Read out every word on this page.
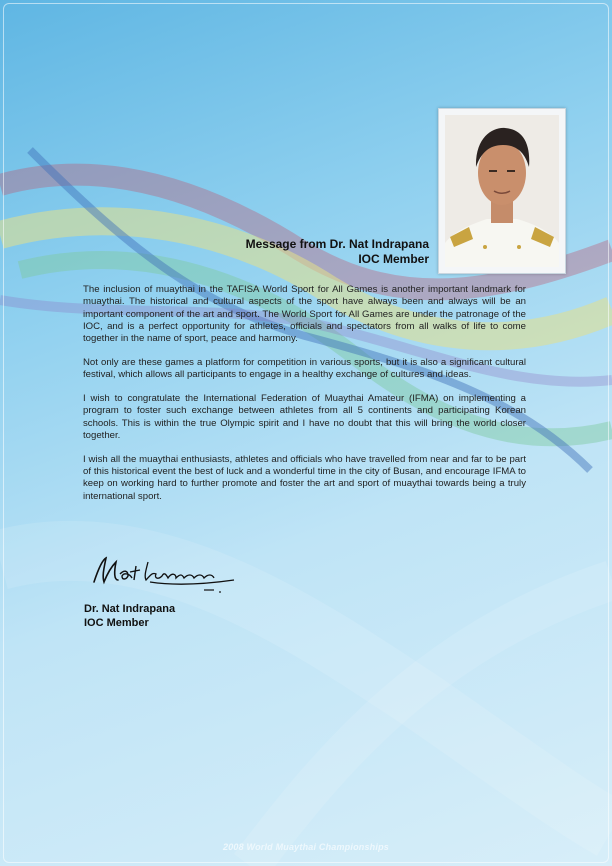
Message from Dr. Nat Indrapana
IOC Member

The inclusion of muaythai in the TAFISA World Sport for All Games is another important landmark for muaythai. The historical and cultural aspects of the sport have always been and always will be an important component of the art and sport. The World Sport for All Games are under the patronage of the IOC, and is a perfect opportunity for athletes, officials and spectators from all walks of life to come together in the name of sport, peace and harmony.

Not only are these games a platform for competition in various sports, but it is also a significant cultural festival, which allows all participants to engage in a healthy exchange of cultures and ideas.

I wish to congratulate the International Federation of Muaythai Amateur (IFMA) on implementing a program to foster such exchange between athletes from all 5 continents and participating Korean schools. This is within the true Olympic spirit and I have no doubt that this will bring the world closer together.

I wish all the muaythai enthusiasts, athletes and officials who have travelled from near and far to be part of this historical event the best of luck and a wonderful time in the city of Busan, and encourage IFMA to keep on working hard to further promote and foster the art and sport of muaythai towards being a truly international sport.

Dr. Nat Indrapana
IOC Member
2008 World Muaythai Championships
